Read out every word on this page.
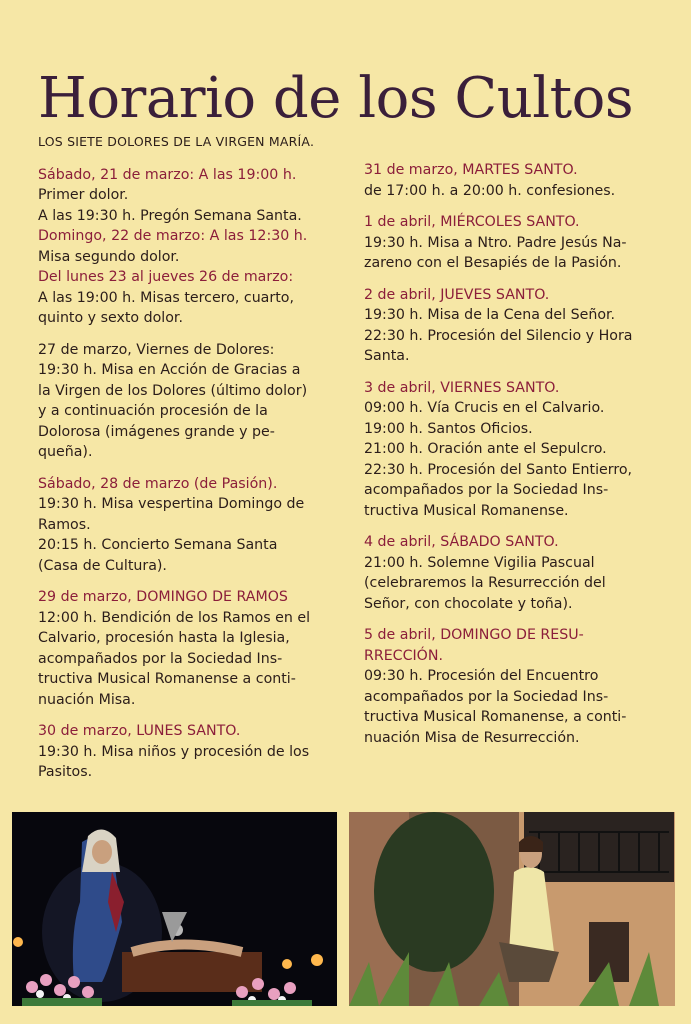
Horario de los Cultos
LOS SIETE DOLORES DE LA VIRGEN MARÍA.
Sábado, 21 de marzo: A las 19:00 h.
Primer dolor.
A las 19:30 h. Pregón Semana Santa.
Domingo, 22 de marzo: A las 12:30 h.
Misa segundo dolor.
Del lunes 23 al jueves 26 de marzo:
A las 19:00 h. Misas tercero, cuarto,
quinto y sexto dolor.
27 de marzo, Viernes de Dolores:
19:30 h. Misa en Acción de Gracias a
la Virgen de los Dolores (último dolor)
y a continuación procesión de la
Dolorosa (imágenes grande y pe-
queña).
Sábado, 28 de marzo (de Pasión).
19:30 h. Misa vespertina Domingo de
Ramos.
20:15 h. Concierto Semana Santa
(Casa de Cultura).
29 de marzo, DOMINGO DE RAMOS
12:00 h. Bendición de los Ramos en el
Calvario, procesión hasta la Iglesia,
acompañados por la Sociedad Ins-
tructiva Musical Romanense a conti-
nuación Misa.
30 de marzo, LUNES SANTO.
19:30 h. Misa niños y procesión de los
Pasitos.
31 de marzo, MARTES SANTO.
de 17:00 h. a 20:00 h. confesiones.
1 de abril, MIÉRCOLES SANTO.
19:30 h. Misa a Ntro. Padre Jesús Na-
zareno con el Besapiés de la Pasión.
2 de abril, JUEVES SANTO.
19:30 h. Misa de la Cena del Señor.
22:30 h. Procesión del Silencio y Hora
Santa.
3 de abril, VIERNES SANTO.
09:00 h. Vía Crucis en el Calvario.
19:00 h. Santos Oficios.
21:00 h. Oración ante el Sepulcro.
22:30 h. Procesión del Santo Entierro,
acompañados por la Sociedad Ins-
tructiva Musical Romanense.
4 de abril, SÁBADO SANTO.
21:00 h. Solemne Vigilia Pascual
(celebraremos la Resurrección del
Señor, con chocolate y toña).
5 de abril, DOMINGO DE RESU-
RRECCIÓN.
09:30 h. Procesión del Encuentro
acompañados por la Sociedad Ins-
tructiva Musical Romanense, a conti-
nuación Misa de Resurrección.
